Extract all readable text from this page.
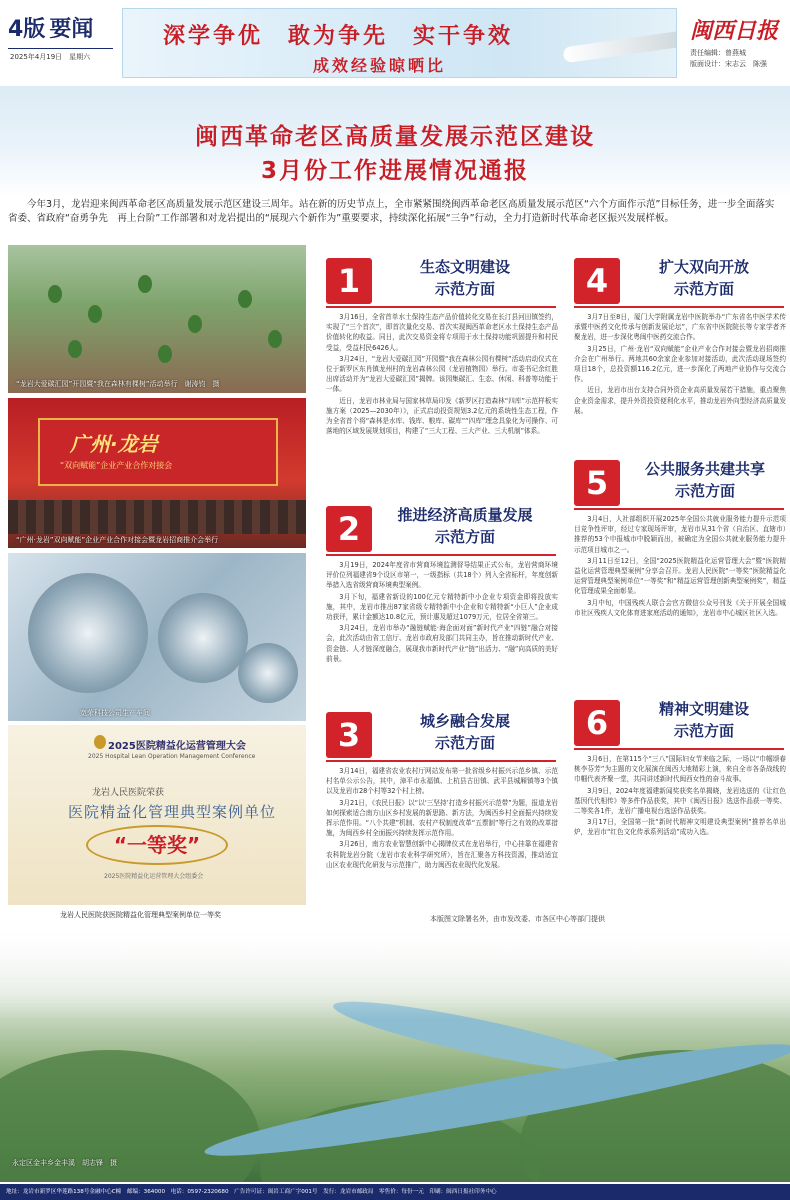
4版 要闻
2025年4月19日　星期六
深学争优　敢为争先　实干争效
成效经验晾晒比
闽西日报
责任编辑：曾燕城
版面设计：宋志云　陈强
闽西革命老区高质量发展示范区建设
3月份工作进展情况通报
今年3月，龙岩迎来闽西革命老区高质量发展示范区建设三周年。站在新的历史节点上，全市紧紧围绕闽西革命老区高质量发展示范区“六个方面作示范”目标任务，进一步全面落实省委、省政府“奋勇争先　再上台阶”工作部署和对龙岩提出的“展现六个新作为”重要要求，持续深化拓展“三争”行动，全力打造新时代革命老区振兴发展样板。
“龙岩大爱碳汇园”开园暨“我在森林有棵树”活动举行　谢涛钧　摄
广州·龙岩
“双向赋能”企业产业合作对接会
“广州·龙岩”双向赋能”企业产业合作对接会暨龙岩招商推介会举行
宽荣科技公司生产车间
2025医院精益化运营管理大会
2025 Hospital Lean Operation Management Conference
龙岩人民医院荣获
医院精益化管理典型案例单位
“一等奖”
2025医院精益化运营管理大会组委会
龙岩人民医院获医院精益化管理典型案例单位一等奖
1	生态文明建设
示范方面

3月16日，全省首单水土保持生态产品价值转化交易在长汀县河田镇签约，实现了“三个首次”，即首次量化交易、首次实现闽西革命老区水土保持生态产品价值转化的收益。同日，此次交易资金将专项用于水土保持功能巩固提升和村民受益，受益村民6426人。

3月24日，“龙岩大爱碳汇园”开园暨“我在森林公园有棵树”活动启动仪式在位于新罗区东肖镇龙州村的龙岩森林公园（龙岩植物园）举行。市委书记余红胜出席活动并为“龙岩大爱碳汇园”揭牌。该园集碳汇、生态、休闲、科普等功能于一体。

近日，龙岩市林业局与国家林草局印发《新罗区打造森林“四库”示范样板实施方案（2025—2030年）》，正式启动投资规划3.2亿元的系统性生态工程，作为全省首个将“森林是水库、钱库、粮库、碳库”“四库”理念具象化为可操作、可落地的区域发展规划项目，构建了“三大工程、三大产业、三大机制”体系。

2	推进经济高质量发展
示范方面

3月19日，2024年度省市营商环境监测督导结果正式公布，龙岩营商环境评价位列福建省9个设区市第一，一级指标（共18个）列入全省标杆，年度创新举措入选省级营商环境典型案例。

3月下旬，福建省新设的100亿元专精特新中小企业专项资金即将投放实施，其中，龙岩市推出87家省级专精特新中小企业和专精特新“小巨人”企业成功获评，累计金额达10.8亿元，预计惠及超过1079万元，位居全省第三。

3月24日，龙岩市举办“融链赋能·海企面对面”新时代产业“四链”融合对接会，此次活动由省工信厅、龙岩市政府及部门共同主办，旨在推动新时代产业、资金链、人才链深度融合，展现我市新时代产业“链”出活力、“融”向高质的美好前景。

3	城乡融合发展
示范方面

3月14日，福建省农业农村厅网站发布第一批省级乡村振兴示范乡镇、示范村名单公示公告，其中，漳平市永福镇、上杭县古田镇、武平县城厢镇等3个镇以及龙岩市28个村等32个村上榜。

3月21日，《农民日报》以“以‘三坚持’打造乡村振兴示范带”为题，报道龙岩如何探索适合南方山区乡村发展的新思路、新方法，为闽西乡村全面振兴持续发挥示范作用。“八个共建”机制、农村产权制度改革“五票制”等行之有效的改革措施，为闽西乡村全面振兴持续发挥示范作用。

3月26日，南方农业智慧创新中心揭牌仪式在龙岩举行，中心挂靠在福建省农科院龙岩分院（龙岩市农业科学研究所），旨在汇聚各方科技资源，推动适宜山区农业现代化研发与示范推广，助力闽西农业现代化发展。

4	扩大双向开放
示范方面

3月7日至8日，厦门大学附属龙岩中医院举办“广东省名中医学术传承暨中医药文化传承与创新发展论坛”，广东省中医院院长等专家学者齐聚龙岩，进一步深化粤闽中医药交流合作。

3月25日，广州·龙岩“双向赋能”企业产业合作对接会暨龙岩招商推介会在广州举行。两地共60余家企业参加对接活动，此次活动现场签约项目18个，总投资额116.2亿元，进一步深化了两地产业协作与交流合作。

近日，龙岩市出台支持合同外资企业高质量发展若干措施，重点聚焦企业资金需求，提升外资投资便利化水平，推动龙岩外向型经济高质量发展。

5	公共服务共建共享
示范方面

3月4日，人社部组织开展2025年全国公共就业服务能力提升示范项目竞争性评审，经过专家现场评审，龙岩市从31个省（自治区、直辖市）推荐的53个申报城市中脱颖而出，被确定为全国公共就业服务能力提升示范项目城市之一。

3月11日至12日，全国“2025医院精益化运营管理大会”暨“医院精益化运营管理典型案例”分享会召开。龙岩人民医院“一等奖”医院精益化运营管理典型案例单位“一等奖”和“精益运营管理创新典型案例奖”，精益化管理成果全面彰显。

3月中旬，中国残疾人联合会官方微信公众号刊发《关于开展全国城市社区残疾人文化体育进家庭活动的通知》，龙岩市中心城区社区入选。

6	精神文明建设
示范方面

3月6日，在第115个“三八”国际妇女节来临之际，一场以“巾帼颂春 桃李芬芳”为主题的文化展演在闽西大地精彩上演，来自全市各条战线的巾帼代表齐聚一堂，共同讲述新时代闽西女性的奋斗故事。

3月9日，2024年度福建新闻奖获奖名单揭晓，龙岩选送的《让红色基因代代相传》等多件作品获奖，其中《闽西日报》选送作品获一等奖、二等奖各1件，龙岩广播电视台选送作品获奖。

3月17日，全国第一批“新时代精神文明建设典型案例”推荐名单出炉，龙岩市“红色文化传承系列活动”成功入选。

本版图文除署名外，由市发改委、市各区中心等部门提供
永定区金丰乡金丰溪　胡志锋　摄
地址：龙岩市新罗区华莲路138号金融中心C幢　邮编：364000　电话：0597-2320680　广告许可证：闽岩工商广字001号　发行：龙岩市邮政局　零售价：每份一元　印刷：闽西日报社印务中心
